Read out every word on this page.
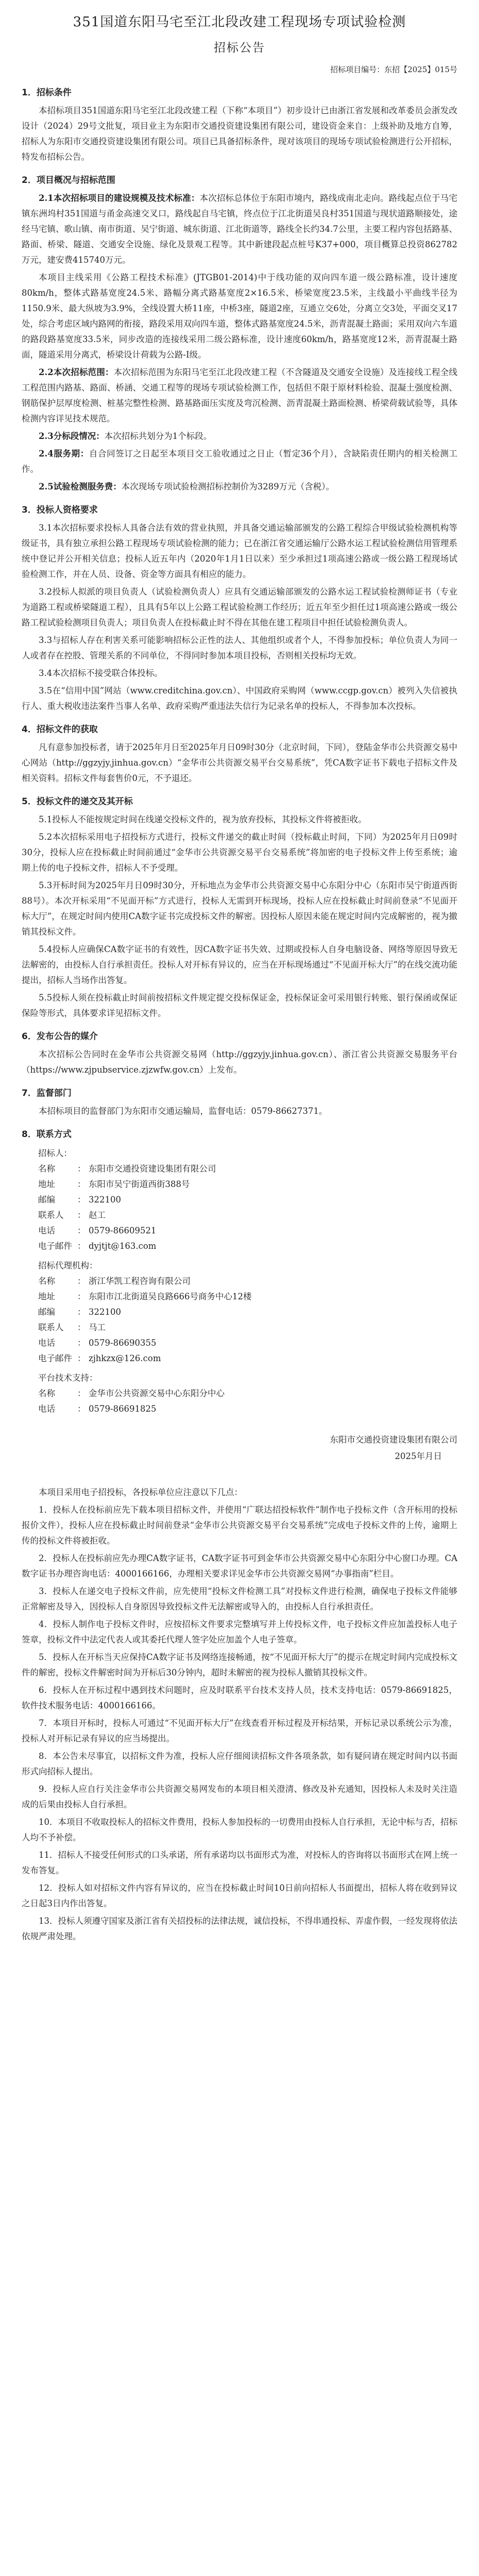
351国道东阳马宅至江北段改建工程现场专项试验检测
招标公告
招标项目编号：东招【2025】015号
1．招标条件
本招标项目351国道东阳马宅至江北段改建工程（下称“本项目”）初步设计已由浙江省发展和改革委员会浙发改设计（2024）29号文批复，项目业主为东阳市交通投资建设集团有限公司，建设资金来自：上级补助及地方自筹，招标人为东阳市交通投资建设集团有限公司。项目已具备招标条件，现对该项目的现场专项试验检测进行公开招标，特发布招标公告。
2．项目概况与招标范围
2.1本次招标项目的建设规模及技术标准：本次招标总体位于东阳市境内，路线成南北走向。路线起点位于马宅镇东洲坞村351国道与甬金高速交叉口，路线起自马宅镇，终点位于江北街道吴良村351国道与现状道路顺接处，途经马宅镇、歌山镇、南市街道、吴宁街道、城东街道、江北街道等，路线全长约34.7公里，主要工程内容包括路基、路面、桥梁、隧道、交通安全设施、绿化及景观工程等。其中新建段起点桩号K37+000，项目概算总投资862782万元，建安费415740万元。
本项目主线采用《公路工程技术标准》(JTGB01-2014)中于线功能的双向四车道一级公路标准，设计速度80km/h，整体式路基宽度24.5米、路幅分离式路基宽度2×16.5米、桥梁宽度23.5米，主线最小平曲线半径为1150.9米、最大纵坡为3.9%，全线设置大桥11座，中桥3座，隧道2座，互通立交6处，分离立交3处，平面交叉17处，综合考虑区域内路网的衔接，路段采用双向四车道，整体式路基宽度24.5米，沥青混凝土路面；采用双向六车道的路段路基宽度33.5米，同步改造的连接线采用二级公路标准，设计速度60km/h，路基宽度12米，沥青混凝土路面，隧道采用分离式，桥梁设计荷载为公路-Ⅰ级。
2.2本次招标范围：本次招标范围为东阳马宅至江北段改建工程（不含隧道及交通安全设施）及连接线工程全线工程范围内路基、路面、桥涵、交通工程等的现场专项试验检测工作，包括但不限于原材料检验、混凝土强度检测、钢筋保护层厚度检测、桩基完整性检测、路基路面压实度及弯沉检测、沥青混凝土路面检测、桥梁荷载试验等，具体检测内容详见技术规范。
2.3分标段情况：本次招标共划分为1个标段。
2.4服务期：自合同签订之日起至本项目交工验收通过之日止（暂定36个月），含缺陷责任期内的相关检测工作。
2.5试验检测服务费：本次现场专项试验检测招标控制价为3289万元（含税）。
3．投标人资格要求
3.1本次招标要求投标人具备合法有效的营业执照，并具备交通运输部颁发的公路工程综合甲级试验检测机构等级证书，具有独立承担公路工程现场专项试验检测的能力；已在浙江省交通运输厅公路水运工程试验检测信用管理系统中登记并公开相关信息；投标人近五年内（2020年1月1日以来）至少承担过1项高速公路或一级公路工程现场试验检测工作，并在人员、设备、资金等方面具有相应的能力。
3.2投标人拟派的项目负责人（试验检测负责人）应具有交通运输部颁发的公路水运工程试验检测师证书（专业为道路工程或桥梁隧道工程），且具有5年以上公路工程试验检测工作经历；近五年至少担任过1项高速公路或一级公路工程试验检测项目负责人；项目负责人在投标截止时不得在其他在建工程项目中担任试验检测负责人。
3.3与招标人存在利害关系可能影响招标公正性的法人、其他组织或者个人，不得参加投标；单位负责人为同一人或者存在控股、管理关系的不同单位，不得同时参加本项目投标，否则相关投标均无效。
3.4本次招标不接受联合体投标。
3.5在“信用中国”网站（www.creditchina.gov.cn）、中国政府采购网（www.ccgp.gov.cn）被列入失信被执行人、重大税收违法案件当事人名单、政府采购严重违法失信行为记录名单的投标人，不得参加本次投标。
4．招标文件的获取
凡有意参加投标者，请于2025年月日至2025年月日09时30分（北京时间，下同），登陆金华市公共资源交易中心网站（http://ggzyjy.jinhua.gov.cn）“金华市公共资源交易平台交易系统”，凭CA数字证书下载电子招标文件及相关资料。招标文件每套售价0元，不予退还。
5．投标文件的递交及其开标
5.1投标人不能按规定时间在线递交投标文件的，视为放弃投标，其投标文件将被拒收。
5.2本次招标采用电子招投标方式进行，投标文件递交的截止时间（投标截止时间，下同）为2025年月日09时30分，投标人应在投标截止时间前通过“金华市公共资源交易平台交易系统”将加密的电子投标文件上传至系统；逾期上传的电子投标文件，招标人不予受理。
5.3开标时间为2025年月日09时30分，开标地点为金华市公共资源交易中心东阳分中心（东阳市吴宁街道西街88号）。本次开标采用“不见面开标”方式进行，投标人无需到开标现场，投标人应在投标截止时间前登录“不见面开标大厅”，在规定时间内使用CA数字证书完成投标文件的解密。因投标人原因未能在规定时间内完成解密的，视为撤销其投标文件。
5.4投标人应确保CA数字证书的有效性，因CA数字证书失效、过期或投标人自身电脑设备、网络等原因导致无法解密的，由投标人自行承担责任。投标人对开标有异议的，应当在开标现场通过“不见面开标大厅”的在线交流功能提出，招标人当场作出答复。
5.5投标人须在投标截止时间前按招标文件规定提交投标保证金，投标保证金可采用银行转账、银行保函或保证保险等形式，具体要求详见招标文件。
6．发布公告的媒介
本次招标公告同时在金华市公共资源交易网（http://ggzyjy.jinhua.gov.cn）、浙江省公共资源交易服务平台（https://www.zjpubservice.zjzwfw.gov.cn）上发布。
7．监督部门
本招标项目的监督部门为东阳市交通运输局，监督电话：0579-86627371。
8．联系方式
招标人：
名称	： 东阳市交通投资建设集团有限公司
地址	： 东阳市吴宁街道西街388号
邮编	： 322100
联系人	： 赵工
电话	： 0579-86609521
电子邮件 ： dyjtjt@163.com
招标代理机构：
名称	： 浙江华凯工程咨询有限公司
地址	： 东阳市江北街道吴良路666号商务中心12楼
邮编	： 322100
联系人	： 马工
电话	： 0579-86690355
电子邮件 ： zjhkzx@126.com
平台技术支持：
名称	： 金华市公共资源交易中心东阳分中心
电话	： 0579-86691825
东阳市交通投资建设集团有限公司
2025年月日
本项目采用电子招投标，各投标单位应注意以下几点：
1．投标人在投标前应先下载本项目招标文件，并使用“广联达招投标软件”制作电子投标文件（含开标用的投标报价文件），投标人应在投标截止时间前登录“金华市公共资源交易平台交易系统”完成电子投标文件的上传，逾期上传的投标文件将被拒收。
2．投标人在投标前应先办理CA数字证书，CA数字证书可到金华市公共资源交易中心东阳分中心窗口办理。CA数字证书办理咨询电话：4000166166，办理相关要求详见金华市公共资源交易网“办事指南”栏目。
3．投标人在递交电子投标文件前，应先使用“投标文件检测工具”对投标文件进行检测，确保电子投标文件能够正常解密及导入，因投标人自身原因导致投标文件无法解密或导入的，由投标人自行承担责任。
4．投标人制作电子投标文件时，应按招标文件要求完整填写并上传投标文件，电子投标文件应加盖投标人电子签章，投标文件中法定代表人或其委托代理人签字处应加盖个人电子签章。
5．投标人在开标当天应保持CA数字证书及网络连接畅通，按“不见面开标大厅”的提示在规定时间内完成投标文件的解密，投标文件解密时间为开标后30分钟内，超时未解密的视为投标人撤销其投标文件。
6．投标人在开标过程中遇到技术问题时，应及时联系平台技术支持人员，技术支持电话：0579-86691825，软件技术服务电话：4000166166。
7．本项目开标时，投标人可通过“不见面开标大厅”在线查看开标过程及开标结果，开标记录以系统公示为准，投标人对开标记录有异议的应当场提出。
8．本公告未尽事宜，以招标文件为准，投标人应仔细阅读招标文件各项条款，如有疑问请在规定时间内以书面形式向招标人提出。
9．投标人应自行关注金华市公共资源交易网发布的本项目相关澄清、修改及补充通知，因投标人未及时关注造成的后果由投标人自行承担。
10．本项目不收取投标人的招标文件费用，投标人参加投标的一切费用由投标人自行承担，无论中标与否，招标人均不予补偿。
11．招标人不接受任何形式的口头承诺，所有承诺均以书面形式为准，对投标人的咨询将以书面形式在网上统一发布答复。
12．投标人如对招标文件内容有异议的，应当在投标截止时间10日前向招标人书面提出，招标人将在收到异议之日起3日内作出答复。
13．投标人须遵守国家及浙江省有关招投标的法律法规，诚信投标，不得串通投标、弄虚作假，一经发现将依法依规严肃处理。
